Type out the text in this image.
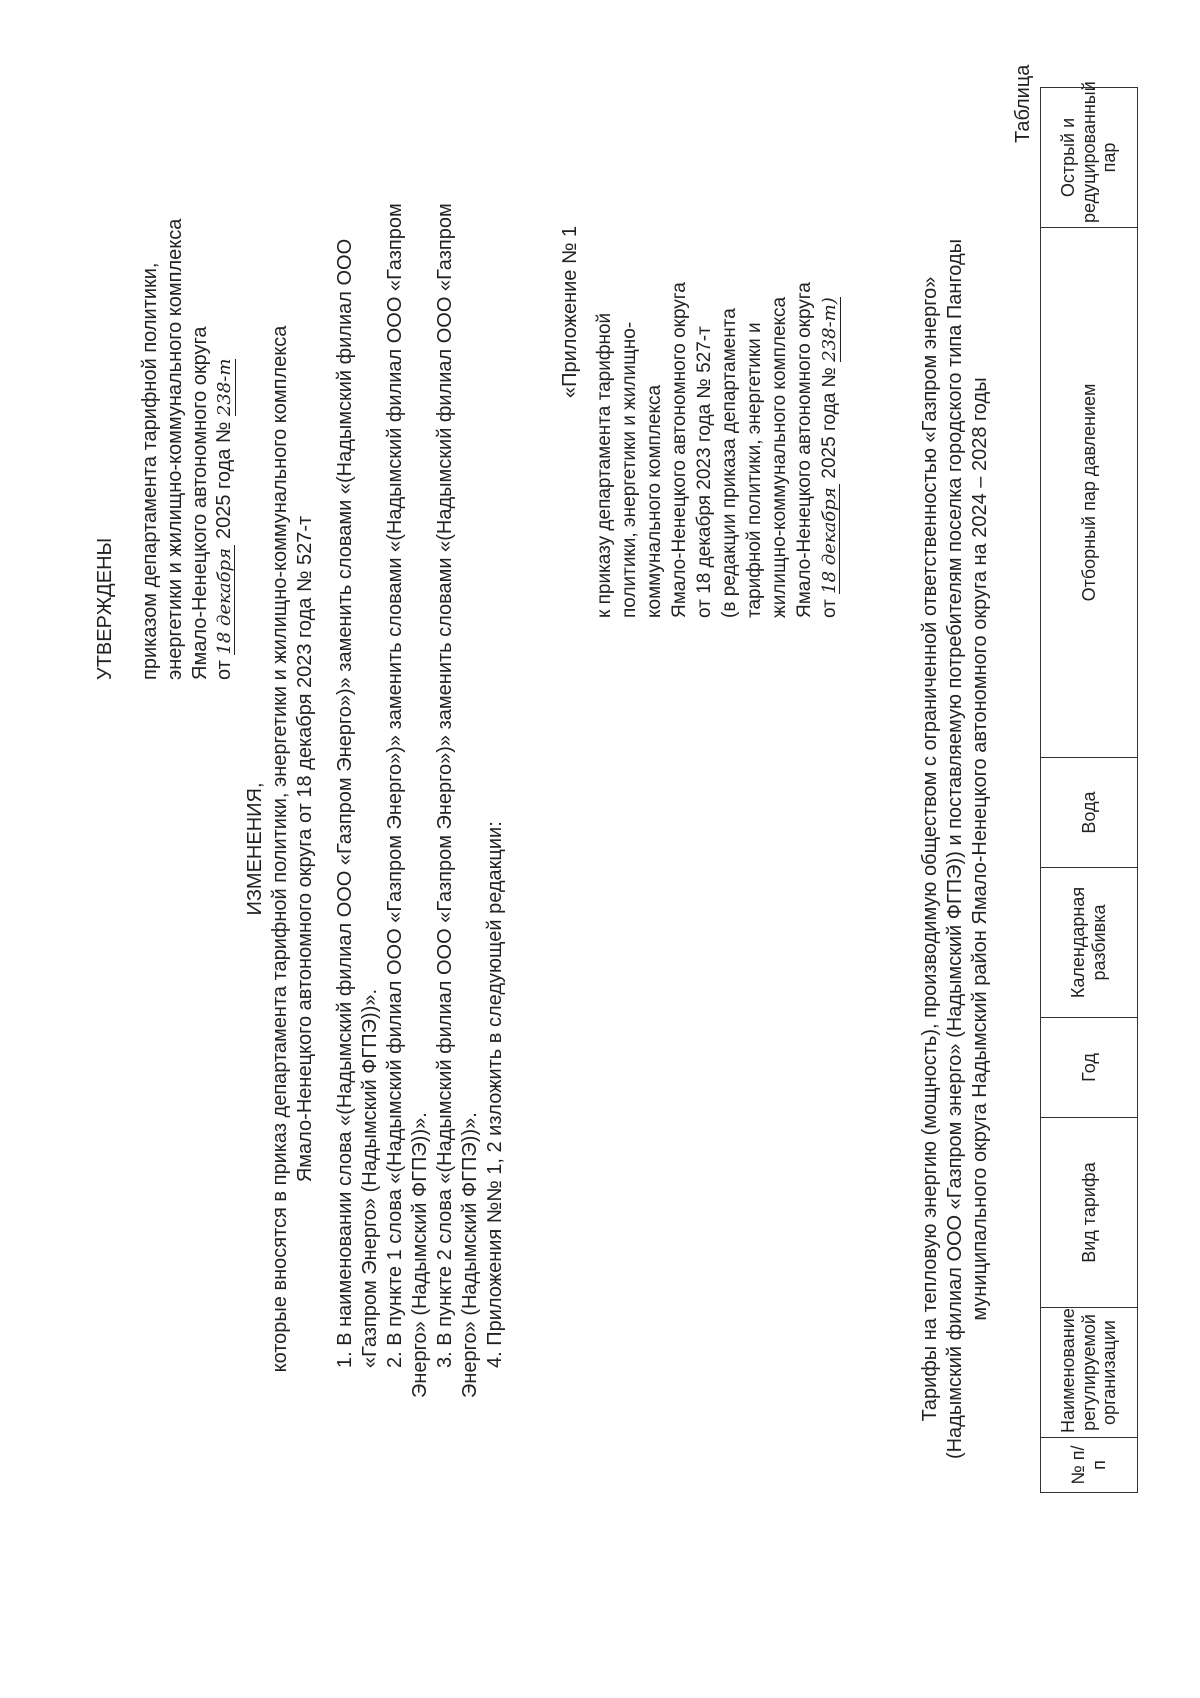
УТВЕРЖДЕНЫ приказом департамента тарифной политики, энергетики и жилищно-коммунального комплекса Ямало-Ненецкого автономного округа от 18 декабря 2025 года № 238-т
ИЗМЕНЕНИЯ, которые вносятся в приказ департамента тарифной политики, энергетики и жилищно-коммунального комплекса Ямало-Ненецкого автономного округа от 18 декабря 2023 года № 527-т 1. В наименовании слова «(Надымский филиал ООО «Газпром Энерго»)» заменить словами «(Надымский филиал ООО «Газпром Энерго» (Надымский ФГПЭ))». 2. В пункте 1 слова «(Надымский филиал ООО «Газпром Энерго»)» заменить словами «(Надымский филиал ООО «Газпром Энерго» (Надымский ФГПЭ))». 3. В пункте 2 слова «(Надымский филиал ООО «Газпром Энерго»)» заменить словами «(Надымский филиал ООО «Газпром Энерго» (Надымский ФГПЭ))». 4. Приложения №№ 1, 2 изложить в следующей редакции:
«Приложение № 1
к приказу департамента тарифной политики, энергетики и жилищно- коммунального комплекса Ямало-Ненецкого автономного округа от 18 декабря 2023 года № 527-т (в редакции приказа департамента тарифной политики, энергетики и жилищно-коммунального комплекса Ямало-Ненецкого автономного округа от 18 декабря 2025 года № 238-т)	Тарифы на тепловую энергию (мощность), производимую обществом с ограниченной ответственностью «Газпром энерго» (Надымский филиал ООО «Газпром энерго» (Надымский ФГПЭ)) и поставляемую потребителям поселка городского типа Пангоды муниципального округа Надымский район Ямало-Ненецкого автономного округа на 2024 – 2028 годы
Таблица
№ п/п	Наименование регулируемой организации	Вид тарифа	Год	Календарная разбивка	Вода	Отборный пар давлением	Острый и редуцированный пар
